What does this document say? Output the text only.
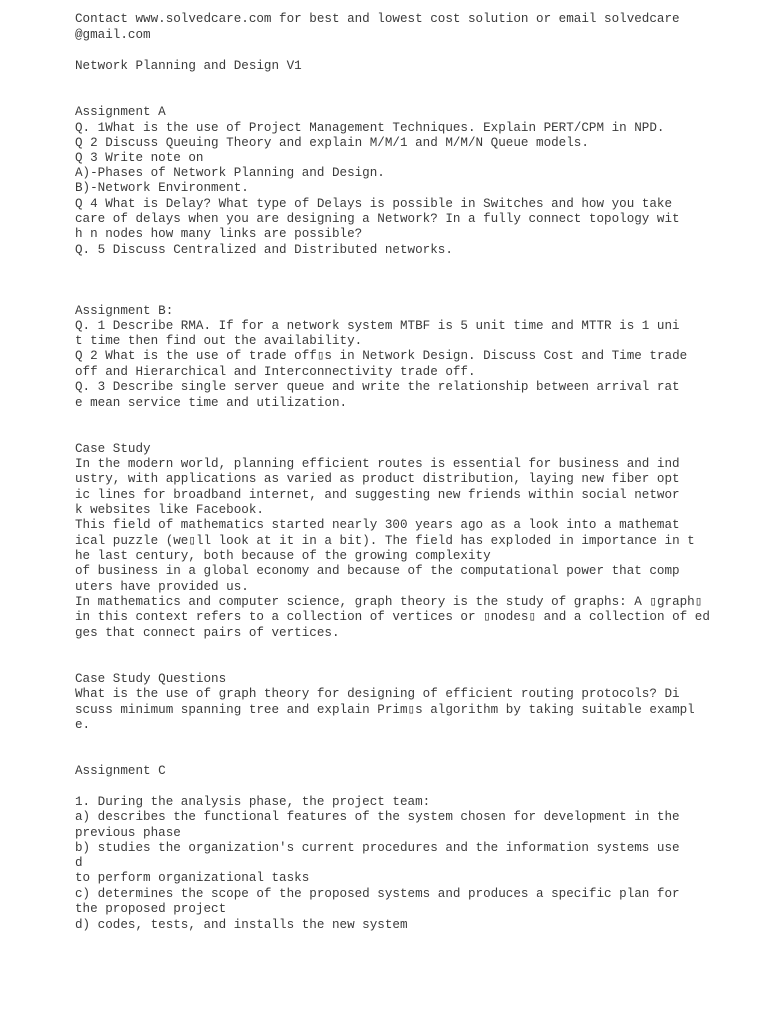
Contact www.solvedcare.com for best and lowest cost solution or email solvedcare

@gmail.com

Network Planning and Design V1

Assignment A

Q. 1What is the use of Project Management Techniques. Explain PERT/CPM in NPD.

Q 2 Discuss Queuing Theory and explain M/M/1 and M/M/N Queue models.

Q 3 Write note on

A)-Phases of Network Planning and Design.

B)-Network Environment.

Q 4 What is Delay? What type of Delays is possible in Switches and how you take

care of delays when you are designing a Network? In a fully connect topology wit

h n nodes how many links are possible?

Q. 5 Discuss Centralized and Distributed networks.

Assignment B:

Q. 1 Describe RMA. If for a network system MTBF is 5 unit time and MTTR is 1 uni

t time then find out the availability.

Q 2 What is the use of trade off▯s in Network Design. Discuss Cost and Time trade

off and Hierarchical and Interconnectivity trade off.

Q. 3 Describe single server queue and write the relationship between arrival rat

e mean service time and utilization.

Case Study

In the modern world, planning efficient routes is essential for business and ind

ustry, with applications as varied as product distribution, laying new fiber opt

ic lines for broadband internet, and suggesting new friends within social networ

k websites like Facebook.

This field of mathematics started nearly 300 years ago as a look into a mathemat

ical puzzle (we▯ll look at it in a bit). The field has exploded in importance in t

he last century, both because of the growing complexity

of business in a global economy and because of the computational power that comp

uters have provided us.

In mathematics and computer science, graph theory is the study of graphs: A ▯graph▯

in this context refers to a collection of vertices or ▯nodes▯ and a collection of ed

ges that connect pairs of vertices.

Case Study Questions

What is the use of graph theory for designing of efficient routing protocols? Di

scuss minimum spanning tree and explain Prim▯s algorithm by taking suitable exampl

e.

Assignment C

1. During the analysis phase, the project team:

a) describes the functional features of the system chosen for development in the

previous phase

b) studies the organization's current procedures and the information systems use

d

to perform organizational tasks

c) determines the scope of the proposed systems and produces a specific plan for

the proposed project

d) codes, tests, and installs the new system
